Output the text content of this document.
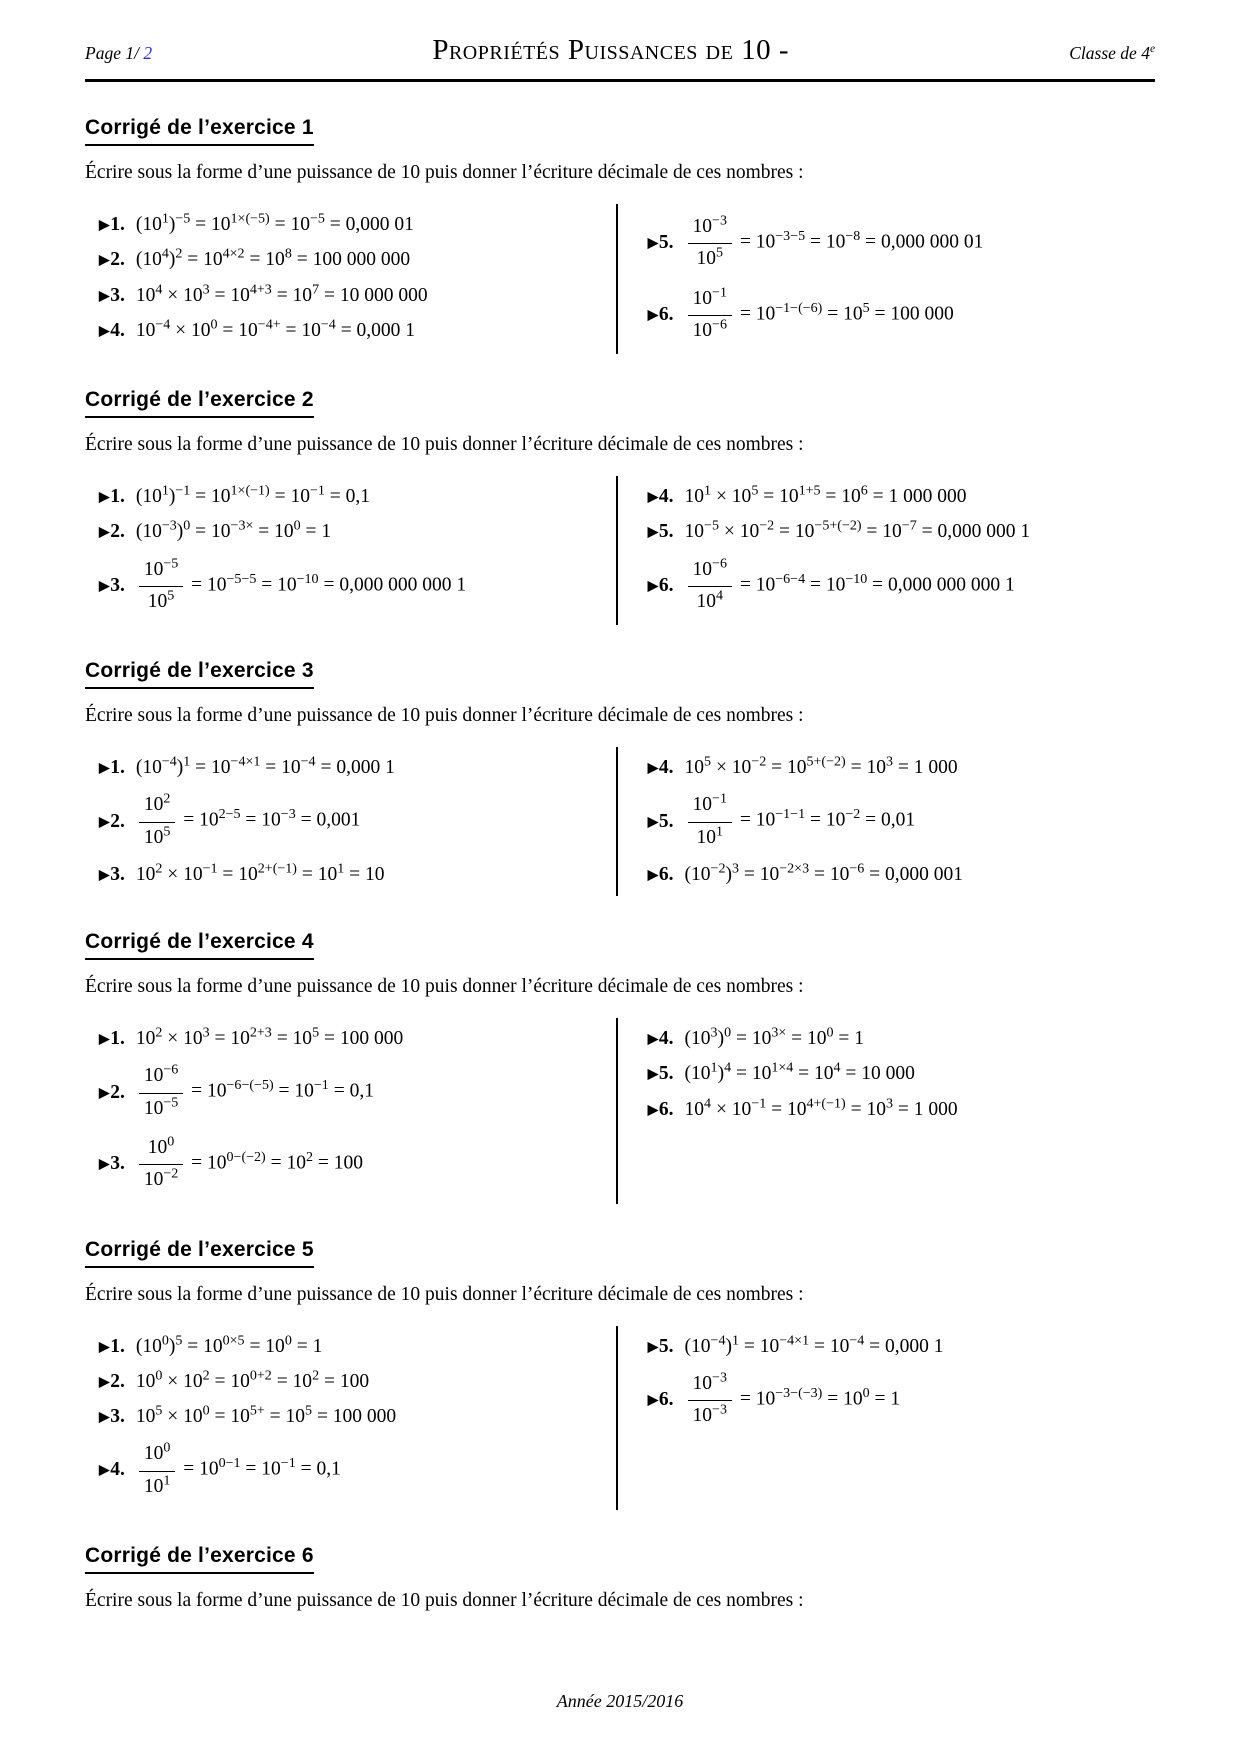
Page 1/ 2	Propriétés Puissances de 10 -	Classe de 4e
Corrigé de l’exercice 1

Écrire sous la forme d’une puissance de 10 puis donner l’écriture décimale de ces nombres :

▶1. $(10^1)^{-5} = 10^{1\times(-5)} = 10^{-5} = 0,000$ 01
▶2. $(10^4)^2 = 10^{4\times 2} = 10^8 = 100$ 000 000
▶3. $10^4 \times 10^3 = 10^{4+3} = 10^7 = 10$ 000 000
▶4. $10^{-4} \times 10^0 = 10^{-4+} = 10^{-4} = 0,000$ 1
▶5. $\frac{10^{-3}}{10^5} = 10^{-3-5} = 10^{-8} = 0,000$ 000 01
▶6. $\frac{10^{-1}}{10^{-6}} = 10^{-1-(-6)} = 10^5 = 100$ 000
Corrigé de l’exercice 2

Écrire sous la forme d’une puissance de 10 puis donner l’écriture décimale de ces nombres :

▶1. $(10^1)^{-1} = 10^{1\times(-1)} = 10^{-1} = 0,1$
▶2. $(10^{-3})^0 = 10^{-3\times} = 10^0 = 1$
▶3. $\frac{10^{-5}}{10^5} = 10^{-5-5} = 10^{-10} = 0,000$ 000 000 1
▶4. $10^1 \times 10^5 = 10^{1+5} = 10^6 = 1$ 000 000
▶5. $10^{-5} \times 10^{-2} = 10^{-5+(-2)} = 10^{-7} = 0,000$ 000 1
▶6. $\frac{10^{-6}}{10^4} = 10^{-6-4} = 10^{-10} = 0,000$ 000 000 1
Corrigé de l’exercice 3

Écrire sous la forme d’une puissance de 10 puis donner l’écriture décimale de ces nombres :

▶1. $(10^{-4})^1 = 10^{-4\times 1} = 10^{-4} = 0,000$ 1
▶2. $\frac{10^2}{10^5} = 10^{2-5} = 10^{-3} = 0,001$
▶3. $10^2 \times 10^{-1} = 10^{2+(-1)} = 10^1 = 10$
▶4. $10^5 \times 10^{-2} = 10^{5+(-2)} = 10^3 = 1$ 000
▶5. $\frac{10^{-1}}{10^1} = 10^{-1-1} = 10^{-2} = 0,01$
▶6. $(10^{-2})^3 = 10^{-2\times 3} = 10^{-6} = 0,000$ 001
Corrigé de l’exercice 4

Écrire sous la forme d’une puissance de 10 puis donner l’écriture décimale de ces nombres :

▶1. $10^2 \times 10^3 = 10^{2+3} = 10^5 = 100$ 000
▶2. $\frac{10^{-6}}{10^{-5}} = 10^{-6-(-5)} = 10^{-1} = 0,1$
▶3. $\frac{10^0}{10^{-2}} = 10^{0-(-2)} = 10^2 = 100$
▶4. $(10^3)^0 = 10^{3\times} = 10^0 = 1$
▶5. $(10^1)^4 = 10^{1\times 4} = 10^4 = 10$ 000
▶6. $10^4 \times 10^{-1} = 10^{4+(-1)} = 10^3 = 1$ 000
Corrigé de l’exercice 5

Écrire sous la forme d’une puissance de 10 puis donner l’écriture décimale de ces nombres :

▶1. $(10^0)^5 = 10^{0\times 5} = 10^0 = 1$
▶2. $10^0 \times 10^2 = 10^{0+2} = 10^2 = 100$
▶3. $10^5 \times 10^0 = 10^{5+} = 10^5 = 100$ 000
▶4. $\frac{10^0}{10^1} = 10^{0-1} = 10^{-1} = 0,1$
▶5. $(10^{-4})^1 = 10^{-4\times 1} = 10^{-4} = 0,000$ 1
▶6. $\frac{10^{-3}}{10^{-3}} = 10^{-3-(-3)} = 10^0 = 1$
Corrigé de l’exercice 6

Écrire sous la forme d’une puissance de 10 puis donner l’écriture décimale de ces nombres :

Année 2015/2016
